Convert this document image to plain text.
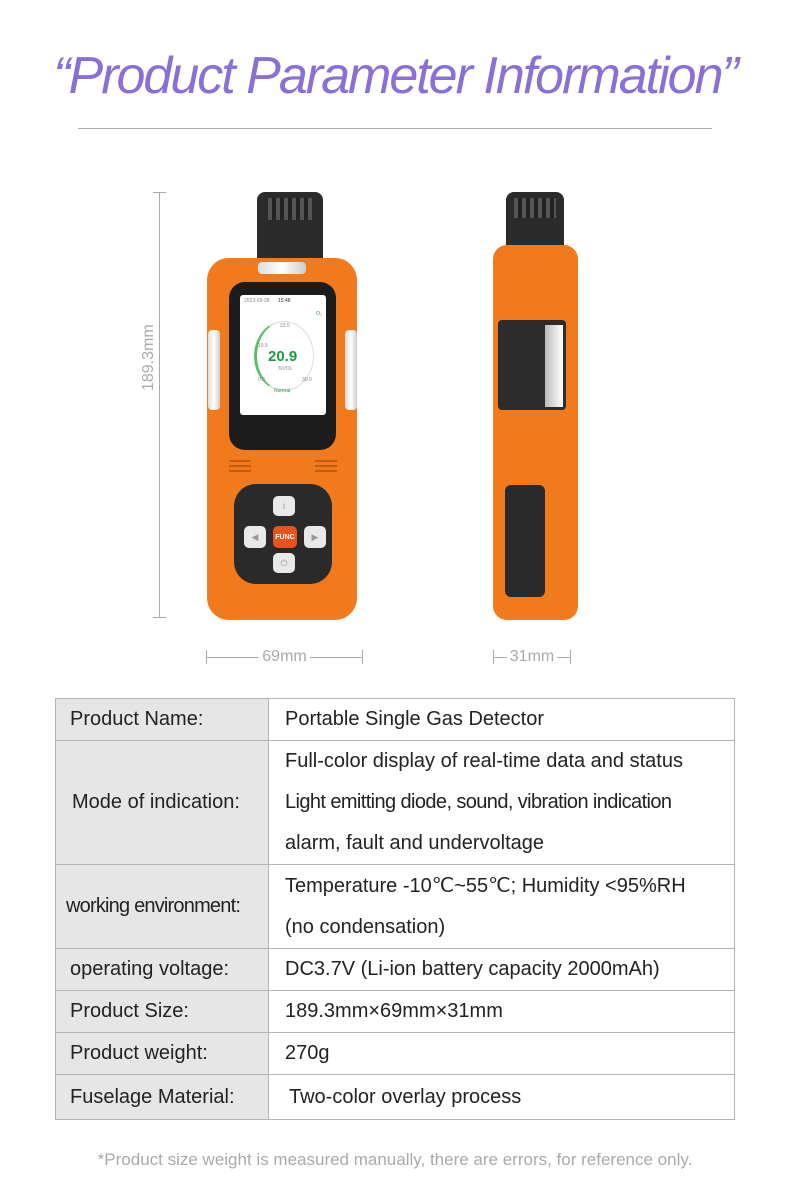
“Product Parameter Information”
189.3mm
2023-09-28 15:48
O₂
23.5
19.5
20.9
%VOL
0.0	30.0
Normal
i
◀	▶
FUNC
⏻
69mm	31mm
Product Name:	Portable Single Gas Detector

Mode of indication:	Full-color display of real-time data and status
Light emitting diode, sound, vibration indication
alarm, fault and undervoltage

working environment:	Temperature -10℃~55℃; Humidity <95%RH
(no condensation)

operating voltage:	DC3.7V (Li-ion battery capacity 2000mAh)

Product Size:	189.3mm×69mm×31mm

Product weight:	270g

Fuselage Material:	Two-color overlay process
*Product size weight is measured manually, there are errors, for reference only.
